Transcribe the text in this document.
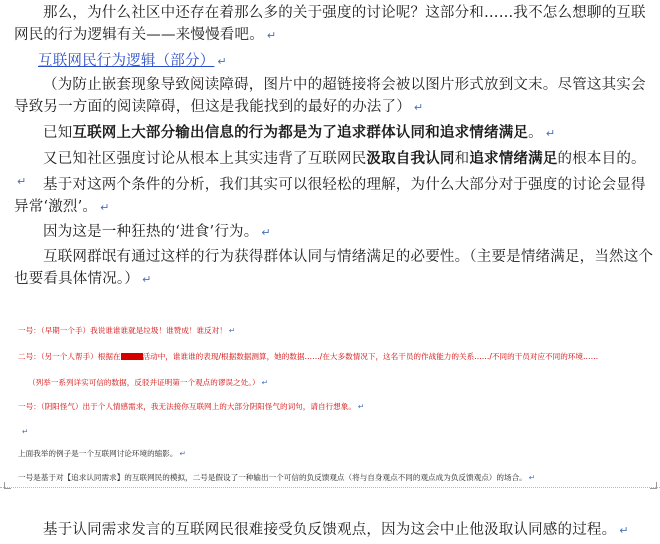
那么，为什么社区中还存在着那么多的关于强度的讨论呢？这部分和……我不怎么想聊的互联网民的行为逻辑有关——来慢慢看吧。 ↵
互联网民行为逻辑（部分） ↵
（为防止嵌套现象导致阅读障碍，图片中的超链接将会被以图片形式放到文末。尽管这其实会导致另一方面的阅读障碍，但这是我能找到的最好的办法了） ↵
已知互联网上大部分输出信息的行为都是为了追求群体认同和追求情绪满足。 ↵
又已知社区强度讨论从根本上其实违背了互联网民汲取自我认同和追求情绪满足的根本目的。↵	基于对这两个条件的分析，我们其实可以很轻松的理解，为什么大部分对于强度的讨论会显得异常‘激烈’。 ↵
因为这是一种狂热的‘进食’行为。 ↵
互联网群氓有通过这样的行为获得群体认同与情绪满足的必要性。（主要是情绪满足，当然这个也要看具体情况。） ↵
一号：（早期一个手）我说谁谁谁就是垃圾！谁赞成！谁反对！ ↵
二号：（另一个人帮手）根据在	活动中，谁谁谁的表现/根据数据测算，她的数据……/在大多数情况下，这名干员的作战能力的关系……/不同的干员对应不同的环境……
（列举一系列详实可信的数据，反驳并证明第一个观点的谬误之处。） ↵
一号：（阴阳怪气）出于个人情感需求，我无法接你互联网上的大部分阴阳怪气的词句，请自行想象。 ↵
↵
上面我举的例子是一个互联网讨论环境的缩影。 ↵
一号是基于对【追求认同需求】的互联网民的模拟，二号是假设了一种输出一个可信的负反馈观点（将与自身观点不同的观点成为负反馈观点）的场合。 ↵
基于认同需求发言的互联网民很难接受负反馈观点，因为这会中止他汲取认同感的过程。 ↵
